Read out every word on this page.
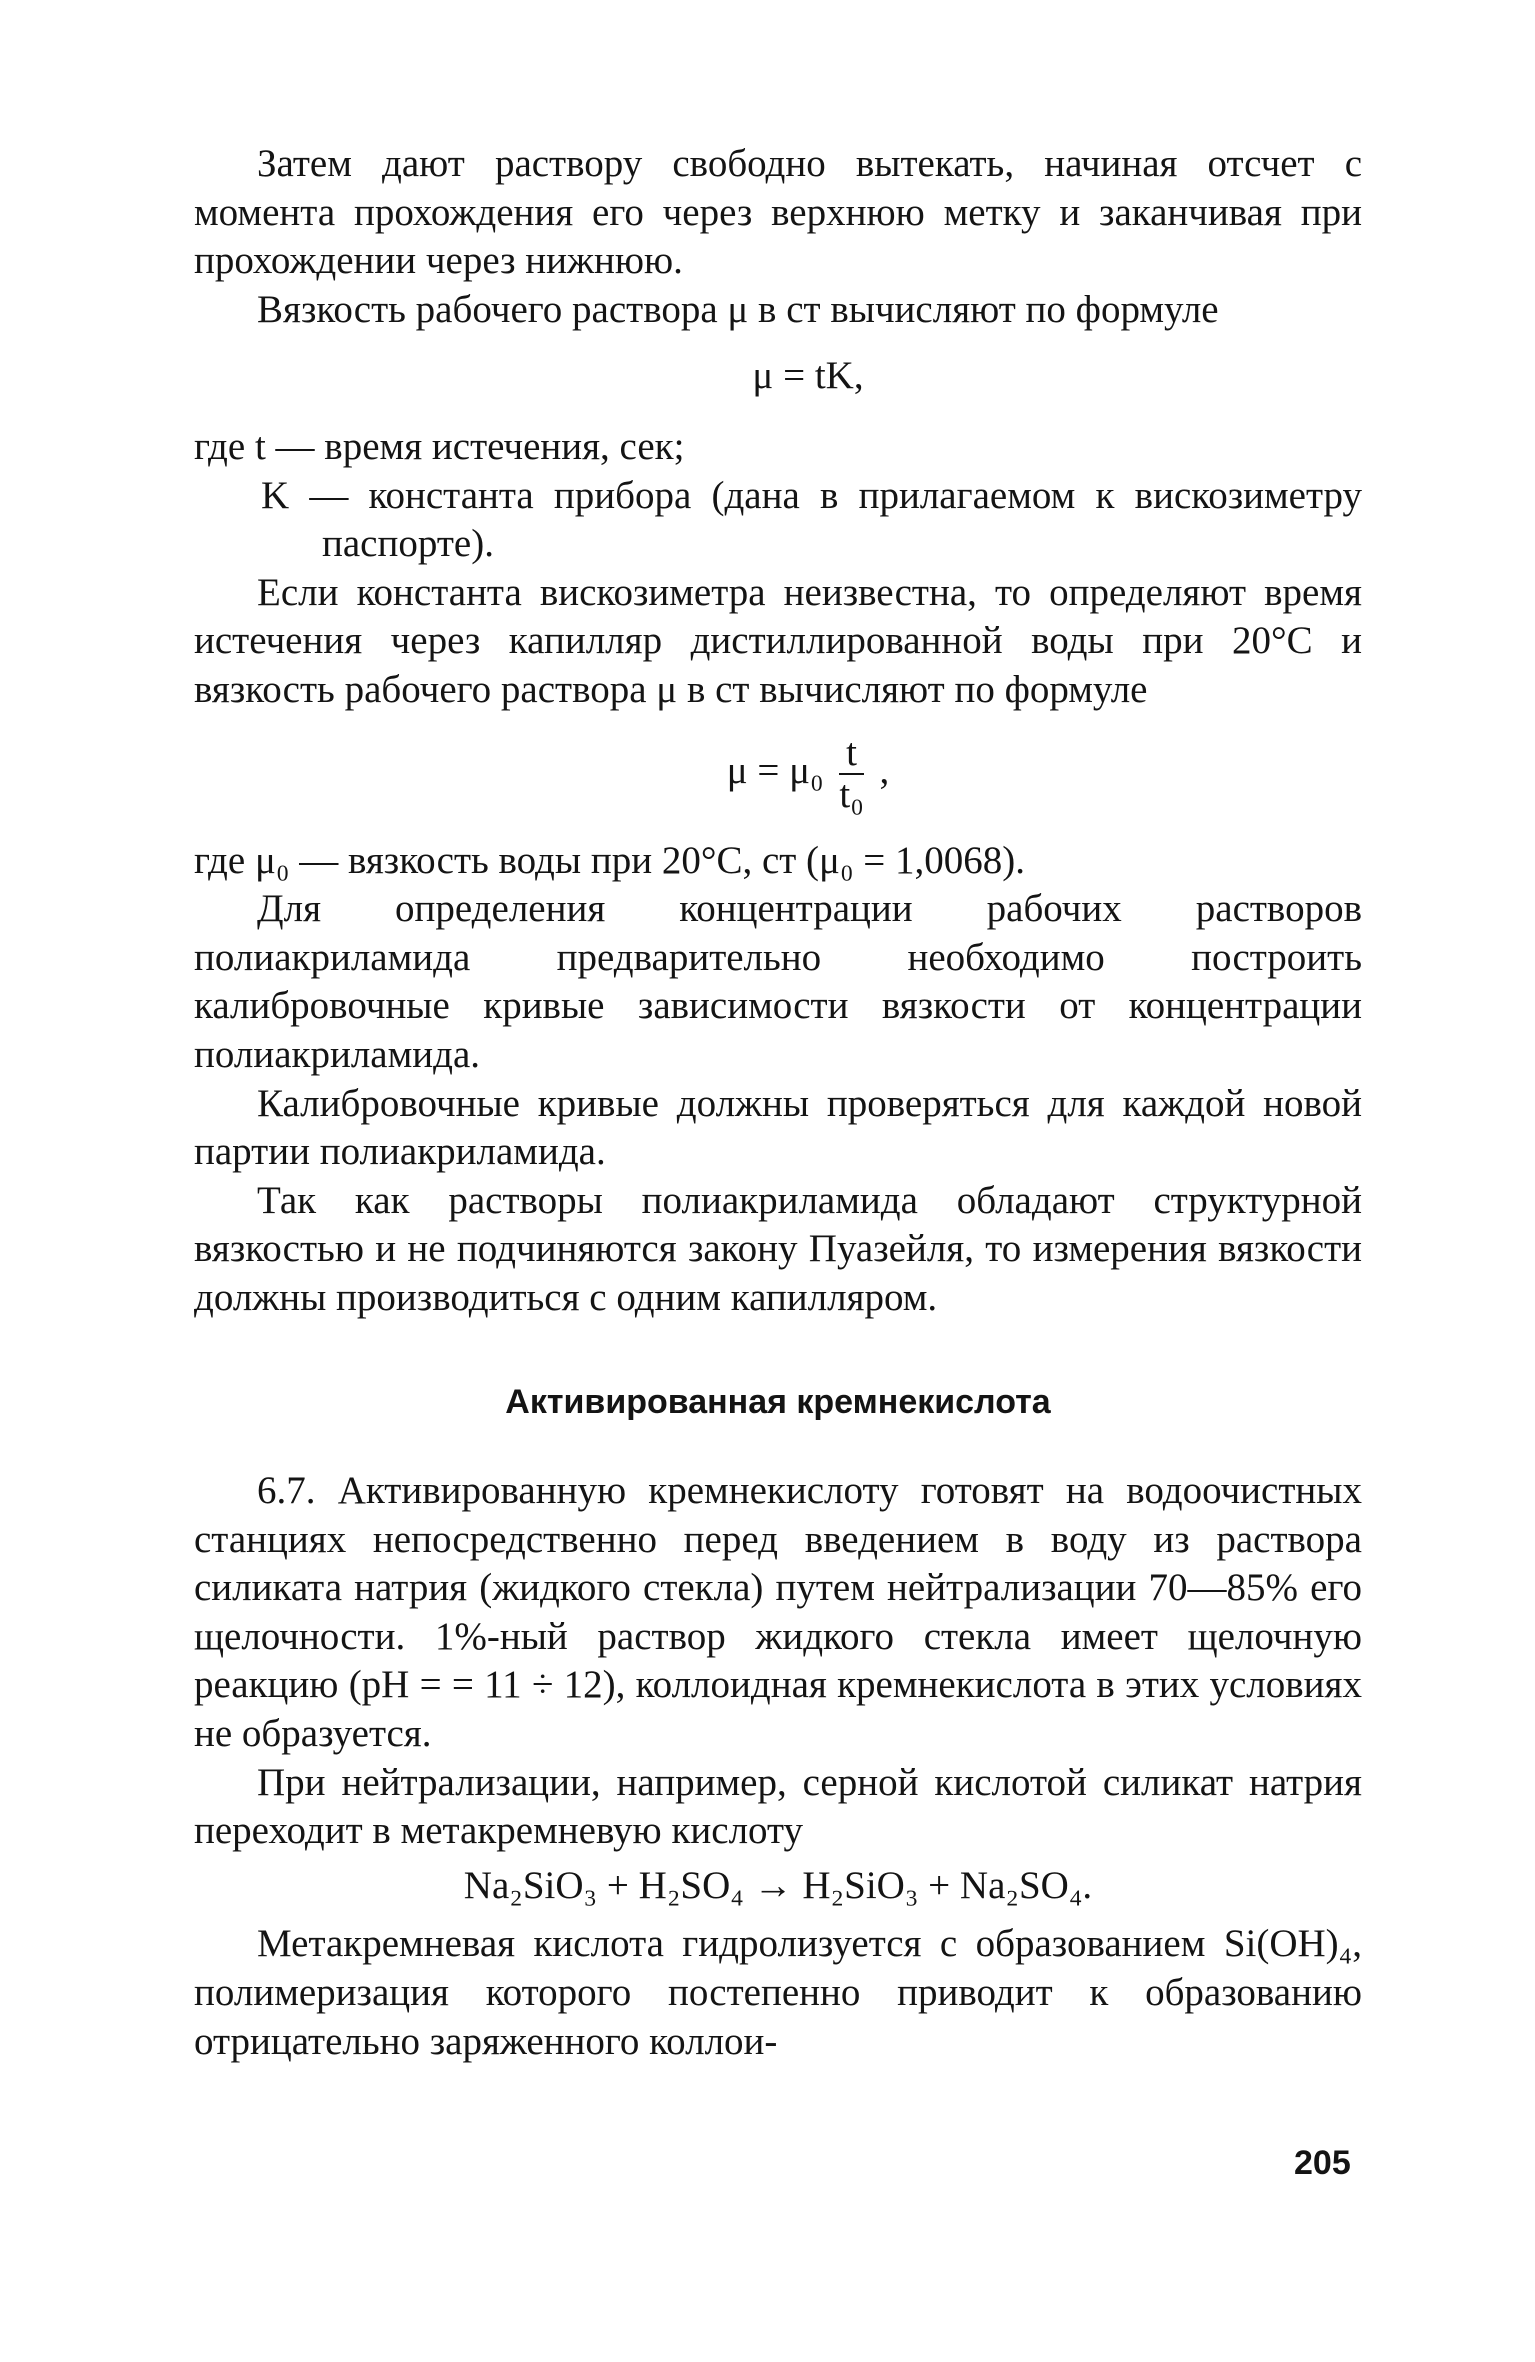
Затем дают раствору свободно вытекать, начиная отсчет с момента прохождения его через верхнюю метку и заканчивая при прохождении через нижнюю.

Вязкость рабочего раствора μ в ст вычисляют по формуле

μ = tK,

где t — время истечения, сек;

K — константа прибора (дана в прилагаемом к вискозиметру паспорте).

Если константа вискозиметра неизвестна, то определяют время истечения через капилляр дистиллированной воды при 20°C и вязкость рабочего раствора μ в ст вычисляют по формуле

$\mu = \mu_0 \frac{t}{\text{t₀}}$ ,

где μ₀ — вязкость воды при 20°C, ст (μ₀ = 1,0068).

Для определения концентрации рабочих растворов полиакриламида предварительно необходимо построить калибровочные кривые зависимости вязкости от концентрации полиакриламида.

Калибровочные кривые должны проверяться для каждой новой партии полиакриламида.

Так как растворы полиакриламида обладают структурной вязкостью и не подчиняются закону Пуазейля, то измерения вязкости должны производиться с одним капилляром.

Активированная кремнекислота

6.7. Активированную кремнекислоту готовят на водоочистных станциях непосредственно перед введением в воду из раствора силиката натрия (жидкого стекла) путем нейтрализации 70—85% его щелочности. 1%-ный раствор жидкого стекла имеет щелочную реакцию (pH = = 11 ÷ 12), коллоидная кремнекислота в этих условиях не образуется.

При нейтрализации, например, серной кислотой силикат натрия переходит в метакремневую кислоту

Na₂SiO₃ + H₂SO₄ → H₂SiO₃ + Na₂SO₄.

Метакремневая кислота гидролизуется с образованием Si(OH)₄, полимеризация которого постепенно приводит к образованию отрицательно заряженного коллои-

205
